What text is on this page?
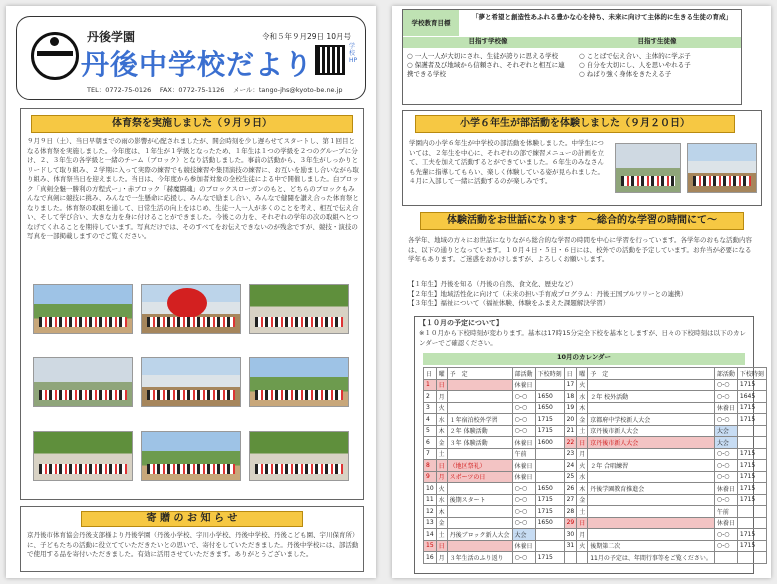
丹後学園
丹後中学校だより
令和５年９月29日 10月号
学校HP
TEL：0772-75-0126　 FAX：0772-75-1126　 メール：tango-jhs@kyoto-be.ne.jp
体育祭を実施しました（９月９日）
９月９日（土）、当日早朝までの雨の影響が心配されましたが、開会時刻を少し遅らせてスタートし、第１回目となる体育祭を実施しました。今年度は、１年生が１学級となったため、１年生は１つの学級を２つのグループに分け、２、３年生の各学級と一緒のチーム（ブロック）となり活動しました。事前の活動から、３年生がしっかりとリードして取り組み、２学期に入って実際の練習でも競技練習や集団演技の練習に、お互いを励まし合いながら取り組み、体育祭当日を迎えました。当日は、今年度から参加者対象の全校生徒による中で開催しました。白ブロック「真剣全魅一勝利の方程式ー」・赤ブロック「赫魔闘魂」のブロックスローガンのもと、どちらのブロックもみんなで真剣に競技に挑み、みんなで一生懸命に応援し、みんなで励まし合い、みんなで健闘を讃え合った体育祭となりました。体育祭の取組を通して、日常生活の向上をはじめ、生徒一人一人が多くのことを考え、相互で伝え合い、そして学び合い、大きな力を身に付けることができました。今後この力を、それぞれの学年の次の取組へとつなげてくれることを期待しています。写真だけでは、そのすべてをお伝えできないのが残念ですが、競技・演技の写真を一部掲載しますのでご覧ください。
寄 贈 の お 知 ら せ
京丹後市体育協会丹後支部様より丹後学園（丹後小学校、宇川小学校、丹後中学校、丹後こども園、宇川保育所）に、子どもたちの活動に役立てていただきたいとの思いで、寄付をしていただきました。丹後中学校には、部活動で使用する品を寄付いただきました。有効に活用させていただきます。ありがとうございました。
学校教育目標
「夢と希望と創造性あふれる豊かな心を持ち、未来に向けて主体的に生きる生徒の育成」
目指す学校像	目指す生徒像
○ 一人一人が大切にされ、生徒が誇りに思える学校
○ 保護者及び地域から信頼され、それぞれと相互に連携できる学校
○ ことばで伝え合い、主体的に学ぶ子
○ 自分を大切にし、人を思いやれる子
○ ねばり強く身体をきたえる子
小学６年生が部活動を体験しました（９月２０日）
学園内の小学６年生が中学校の部活動を体験しました。中学生については、２年生を中心に、それぞれの部で練習メニューの計画を立て、工夫を加えて活動するとができていました。６年生のみなさんも先輩に指導してもらい、楽しく体験している姿が見られました。４月に入部して一緒に活動するのが楽しみです。
体験活動をお世話になります　～総合的な学習の時間にて～
各学年、地域の方々にお世話になりながら総合的な学習の時間を中心に学習を行っています。各学年のおもな活動内容は、以下の通りとなっています。１０月４日・５日・６日には、校外での活動を予定しています。お弁当が必要になる学年もあります。ご迷惑をおかけしますが、よろしくお願いします。
【１年生】丹後を知る（丹後の自然、食文化、歴史など）
【２年生】地域活性化に向けて（未来の担い手育成プログラム：丹後王国ブルワリーとの連携）
【３年生】福祉について（福祉体験、体験をふまえた課題解決学習）
【１０月の予定について】
※１０月から下校時刻が変わります。基本は17時15分完全下校を基本としますが、日々の下校時刻は以下のカレンダーでご確認ください。
10月のカレンダー
日	曜	予　定	部活動	下校時刻	日	曜	予　定	部活動	下校時刻
1	日		休養日		17	火		○-○	1715
2	月		○-○	1650	18	水	２年 校外活動	○-○	1645
3	火		○-○	1650	19	木		休養日	1715
4	水	１年宿泊校外学習	○-○	1715	20	金	京都府中学校新人大会	○-○	1715
5	木	２年 体験活動	○-○	1715	21	土	京丹後市新人大会	大会	
6	金	３年 体験活動	休養日	1600	22	日	京丹後市新人大会	大会	
7	土		午前		23	月		○-○	1715
8	日	（地区祭礼）	休養日		24	火	２年 合唱練習	○-○	1715
9	月	スポーツの日	休養日		25	水		○-○	1715
10	火		○-○	1650	26	木	丹後学園教育推進会	休養日	1715
11	水	後期スタート	○-○	1715	27	金		○-○	1715
12	木		○-○	1715	28	土		午前	
13	金		○-○	1650	29	日		休養日	
14	土	丹後ブロック新人大会	大会		30	月		○-○	1715
15	日		休養日		31	火	後期第二次	○-○	1715
16	月	３年生活のふり返り	○-○	1715			11月の予定は、年間行事等をご覧ください。		
